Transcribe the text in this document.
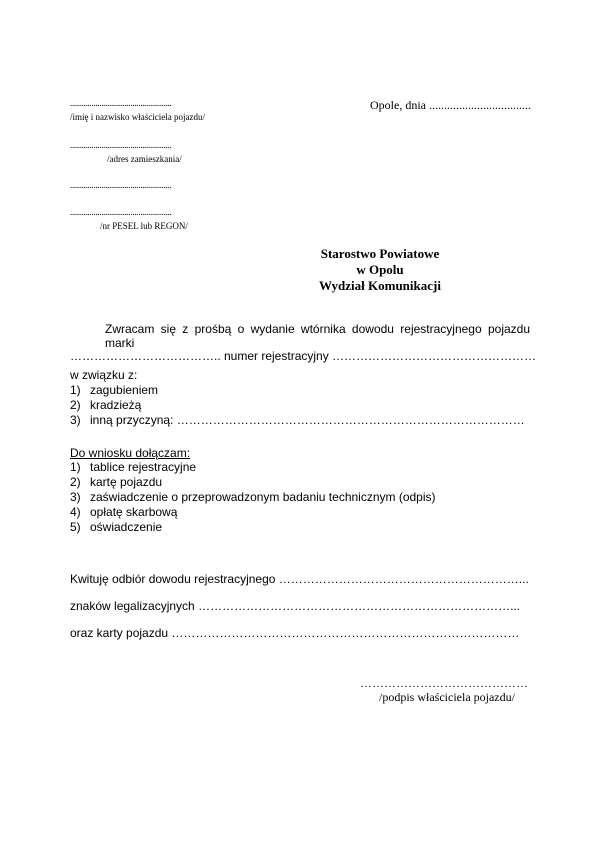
....................................................
/imię i nazwisko właściciela pojazdu/
....................................................
/adres zamieszkania/
....................................................
....................................................
/nr PESEL lub REGON/
Opole, dnia ..................................
Starostwo Powiatowe
w Opolu
Wydział Komunikacji
Zwracam się z prośbą o wydanie wtórnika dowodu rejestracyjnego pojazdu marki
……………………………….. numer rejestracyjny ……………………………………………
w związku z:
1) zagubieniem
2) kradzieżą
3) inną przyczyną: ……………………………………………………………………………
Do wniosku dołączam:
1) tablice rejestracyjne
2) kartę pojazdu
3) zaświadczenie o przeprowadzonym badaniu technicznym (odpis)
4) opłatę skarbową
5) oświadczenie
Kwituję odbiór dowodu rejestracyjnego ……………………………………………………...
znaków legalizacyjnych ……………………………………………………………………...
oraz karty pojazdu ……………………………………………………………………………
……………………………………
/podpis właściciela pojazdu/
